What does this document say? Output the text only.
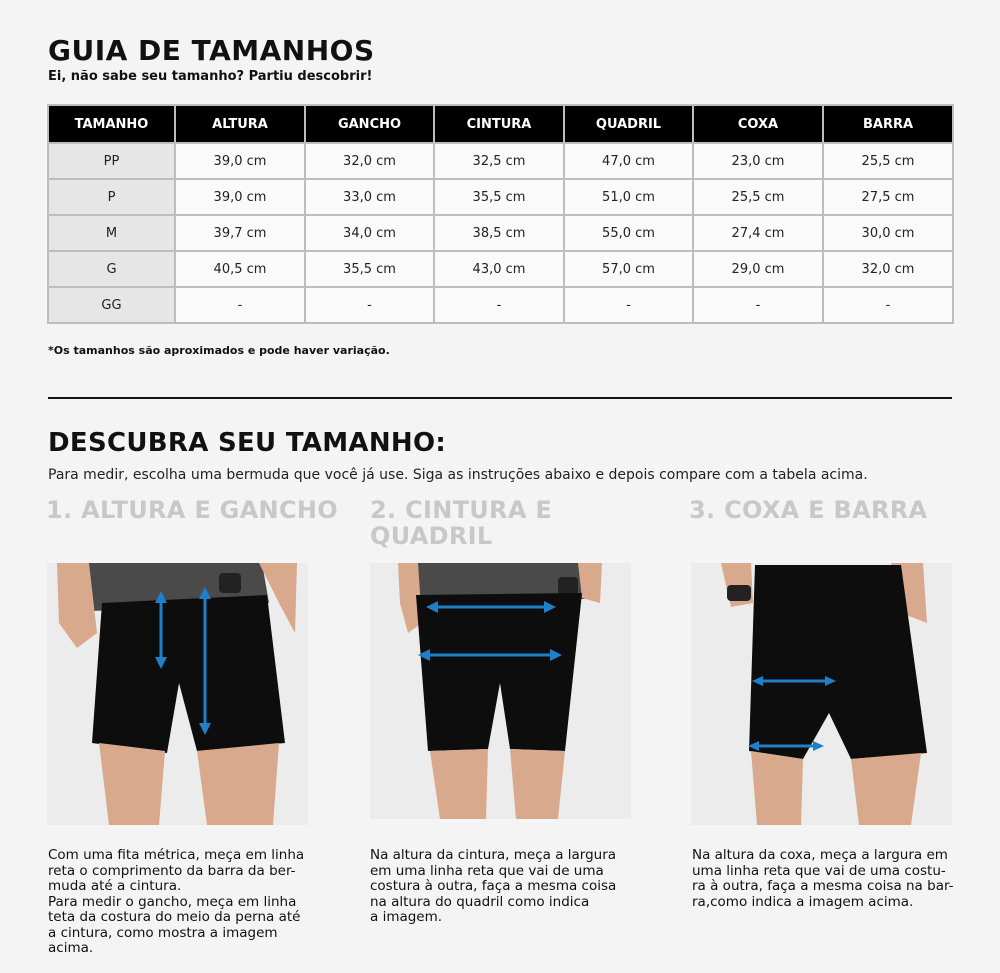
GUIA DE TAMANHOS

Ei, não sabe seu tamanho? Partiu descobrir!

TAMANHO	ALTURA	GANCHO	CINTURA	QUADRIL	COXA	BARRA
PP	39,0 cm	32,0 cm	32,5 cm	47,0 cm	23,0 cm	25,5 cm
P	39,0 cm	33,0 cm	35,5 cm	51,0 cm	25,5 cm	27,5 cm
M	39,7 cm	34,0 cm	38,5 cm	55,0 cm	27,4 cm	30,0 cm
G	40,5 cm	35,5 cm	43,0 cm	57,0 cm	29,0 cm	32,0 cm
GG	-	-	-	-	-	-

*Os tamanhos são aproximados e pode haver variação.

DESCUBRA SEU TAMANHO:

Para medir, escolha uma bermuda que você já use. Siga as instruções abaixo e depois compare com a tabela acima.

1. ALTURA E GANCHO

Com uma fita métrica, meça em linha
reta o comprimento da barra da ber-
muda até a cintura.
Para medir o gancho, meça em linha
teta da costura do meio da perna até
a cintura, como mostra a imagem
acima.

2. CINTURA E
QUADRIL

Na altura da cintura, meça a largura
em uma linha reta que vai de uma
costura à outra, faça a mesma coisa
na altura do quadril como indica
a imagem.

3. COXA E BARRA

Na altura da coxa, meça a largura em
uma linha reta que vai de uma costu-
ra à outra, faça a mesma coisa na bar-
ra,como indica a imagem acima.
